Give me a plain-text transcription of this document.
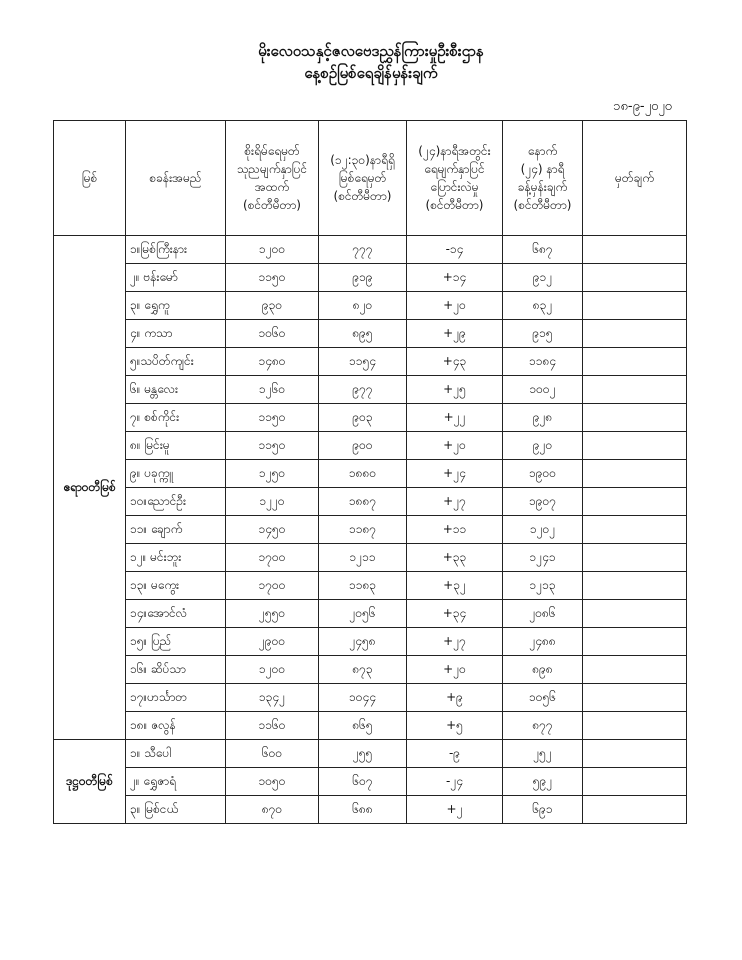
မိုးလေဝသနှင့်ဇလဗေဒညွှန်ကြားမှုဦးစီးဌာန
နေ့စဉ်မြစ်ရေချိန်မှန်းချက်
၁၈-၉-၂၀၂၀
မြစ်	စခန်းအမည်	စိုးရိမ်ရေမှတ်
သုညမျက်နှာပြင်
အထက်
(စင်တီမီတာ)	(၁၂:၃၀)နာရီရှိ
မြစ်ရေမှတ်
(စင်တီမီတာ)	(၂၄)နာရီအတွင်း
ရေမျက်နှာပြင်
ပြောင်းလဲမှု
(စင်တီမီတာ)	နောက်
(၂၄) နာရီ
ခန့်မှန်းချက်
(စင်တီမီတာ)	မှတ်ချက်
ဧရာဝတီမြစ်	၁။မြစ်ကြီးနား	၁၂၀၀	၇၇၇	-၁၄	၆၈၇	
	၂။ ဗန်းမော်	၁၁၅၀	၉၁၉	+၁၄	၉၁၂	
	၃။ ရွှေကူ	၉၃၀	၈၂၀	+၂၀	၈၃၂	
	၄။ ကသာ	၁၀၆၀	၈၉၅	+၂၉	၉၁၅	
	၅။သပိတ်ကျင်း	၁၄၈၀	၁၁၅၄	+၄၃	၁၁၈၄	
	၆။ မန္တလေး	၁၂၆၀	၉၇၇	+၂၅	၁၀၀၂	
	၇။ စစ်ကိုင်း	၁၁၅၀	၉၀၃	+၂၂	၉၂၈	
	၈။ မြင်းမူ	၁၁၅၀	၉၀၀	+၂၀	၉၂၀	
	၉။ ပခုက္ကူ	၁၂၅၀	၁၈၈၀	+၂၄	၁၉၀၀	
	၁၀။ညောင်ဦး	၁၂၂၀	၁၈၈၇	+၂၇	၁၉၀၇	
	၁၁။ ချောက်	၁၄၅၀	၁၁၈၇	+၁၁	၁၂၀၂	
	၁၂။ မင်းဘူး	၁၇၀၀	၁၂၁၁	+၃၃	၁၂၄၁	
	၁၃။ မကွေး	၁၇၀၀	၁၁၈၃	+၃၂	၁၂၁၃	
	၁၄။အောင်လံ	၂၅၅၀	၂၀၅၆	+၃၄	၂၀၈၆	
	၁၅။ ပြည်	၂၉၀၀	၂၄၅၈	+၂၇	၂၄၈၈	
	၁၆။ ဆိပ်သာ	၁၂၀၀	၈၇၃	+၂၀	၈၉၈	
	၁၇။ဟင်္သာတ	၁၃၄၂	၁၀၄၄	+၉	၁၀၅၆	
	၁၈။ ဇလွန်	၁၁၆၀	၈၆၅	+၅	၈၇၇	
ဒုဋ္ဌဝတီမြစ်	၁။ သီပေါ	၆၀၀	၂၅၅	-၉	၂၅၂	
	၂။ ရွှေဇာရံ	၁၀၅၀	၆၀၇	-၂၄	၅၉၂	
	၃။ မြစ်ငယ်	၈၇၀	၆၈၈	+၂	၆၉၁	
